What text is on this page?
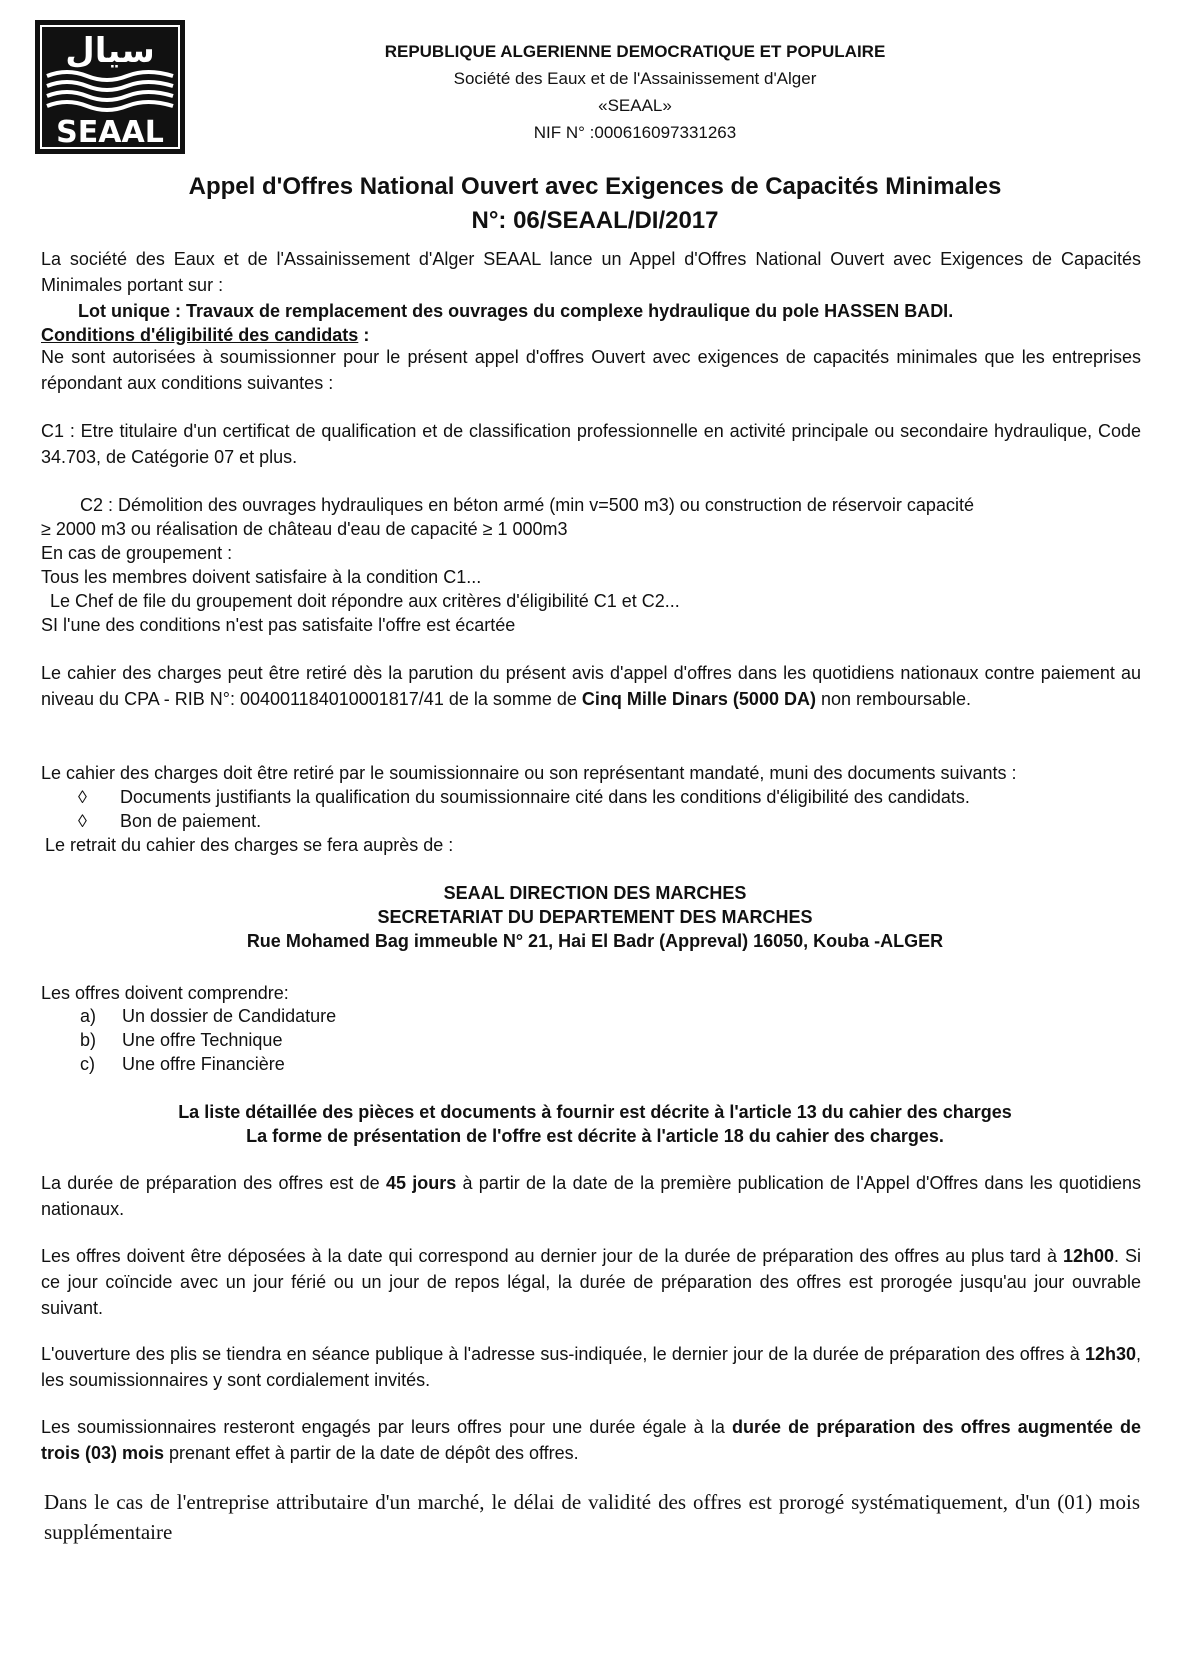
سيال
SEAAL
REPUBLIQUE ALGERIENNE DEMOCRATIQUE ET POPULAIRE
Société des Eaux et de l'Assainissement d'Alger
«SEAAL»
NIF N° :000616097331263
Appel d'Offres National Ouvert avec Exigences de Capacités Minimales
N°: 06/SEAAL/DI/2017
La société des Eaux et de l'Assainissement d'Alger SEAAL lance un Appel d'Offres National Ouvert avec Exigences de Capacités Minimales portant sur :
Lot unique : Travaux de remplacement des ouvrages du complexe hydraulique du pole HASSEN BADI.
Conditions d'éligibilité des candidats :
Ne sont autorisées à soumissionner pour le présent appel d'offres Ouvert avec exigences de capacités minimales que les entreprises répondant aux conditions suivantes :
C1 : Etre titulaire d'un certificat de qualification et de classification professionnelle en activité principale ou secondaire hydraulique, Code 34.703, de Catégorie 07 et plus.
C2 : Démolition des ouvrages hydrauliques en béton armé (min v=500 m3) ou construction de réservoir capacité
≥ 2000 m3 ou réalisation de château d'eau de capacité ≥ 1 000m3
En cas de groupement :
Tous les membres doivent satisfaire à la condition C1...
Le Chef de file du groupement doit répondre aux critères d'éligibilité C1 et C2...
SI l'une des conditions n'est pas satisfaite l'offre est écartée
Le cahier des charges peut être retiré dès la parution du présent avis d'appel d'offres dans les quotidiens nationaux contre paiement au niveau du CPA - RIB N°: 004001184010001817/41 de la somme de Cinq Mille Dinars (5000 DA) non remboursable.
Le cahier des charges doit être retiré par le soumissionnaire ou son représentant mandaté, muni des documents suivants :
◊ Documents justifiants la qualification du soumissionnaire cité dans les conditions d'éligibilité des candidats.
◊ Bon de paiement.
Le retrait du cahier des charges se fera auprès de :
SEAAL DIRECTION DES MARCHES
SECRETARIAT DU DEPARTEMENT DES MARCHES
Rue Mohamed Bag immeuble N° 21, Hai El Badr (Appreval) 16050, Kouba -ALGER
Les offres doivent comprendre:
a) Un dossier de Candidature
b) Une offre Technique
c) Une offre Financière
La liste détaillée des pièces et documents à fournir est décrite à l'article 13 du cahier des charges
La forme de présentation de l'offre est décrite à l'article 18 du cahier des charges.
La durée de préparation des offres est de 45 jours à partir de la date de la première publication de l'Appel d'Offres dans les quotidiens nationaux.
Les offres doivent être déposées à la date qui correspond au dernier jour de la durée de préparation des offres au plus tard à 12h00. Si ce jour coïncide avec un jour férié ou un jour de repos légal, la durée de préparation des offres est prorogée jusqu'au jour ouvrable suivant.
L'ouverture des plis se tiendra en séance publique à l'adresse sus-indiquée, le dernier jour de la durée de préparation des offres à 12h30, les soumissionnaires y sont cordialement invités.
Les soumissionnaires resteront engagés par leurs offres pour une durée égale à la durée de préparation des offres augmentée de trois (03) mois prenant effet à partir de la date de dépôt des offres.
Dans le cas de l'entreprise attributaire d'un marché, le délai de validité des offres est prorogé systématiquement, d'un (01) mois supplémentaire
